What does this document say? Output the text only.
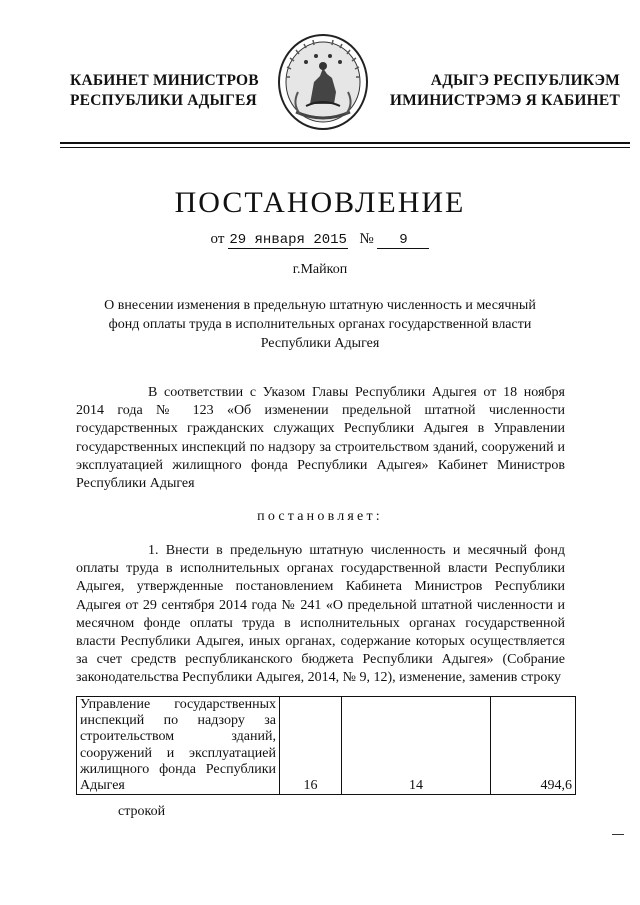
КАБИНЕТ МИНИСТРОВ
РЕСПУБЛИКИ АДЫГЕЯ
АДЫГЭ РЕСПУБЛИКЭМ
ИМИНИСТРЭМЭ Я КАБИНЕТ
ПОСТАНОВЛЕНИЕ
от 29 января 2015 № 9
г.Майкоп
О внесении изменения в предельную штатную численность и месячный
фонд оплаты труда в исполнительных органах государственной власти
Республики Адыгея
В соответствии с Указом Главы Республики Адыгея от 18 ноября 2014 года № 123 «Об изменении предельной штатной численности государственных гражданских служащих Республики Адыгея в Управлении государственных инспекций по надзору за строительством зданий, сооружений и эксплуатацией жилищного фонда Республики Адыгея» Кабинет Министров Республики Адыгея
постановляет:
1. Внести в предельную штатную численность и месячный фонд оплаты труда в исполнительных органах государственной власти Республики Адыгея, утвержденные постановлением Кабинета Министров Республики Адыгея от 29 сентября 2014 года № 241 «О предельной штатной численности и месячном фонде оплаты труда в исполнительных органах государственной власти Республики Адыгея, иных органах, содержание которых осуществляется за счет средств республиканского бюджета Республики Адыгея» (Собрание законодательства Республики Адыгея, 2014, № 9, 12), изменение, заменив строку
Управление государственных инспекций по надзору за строительством зданий, сооружений и эксплуатацией жилищного фонда Республики Адыгея	16	14	494,6
строкой
